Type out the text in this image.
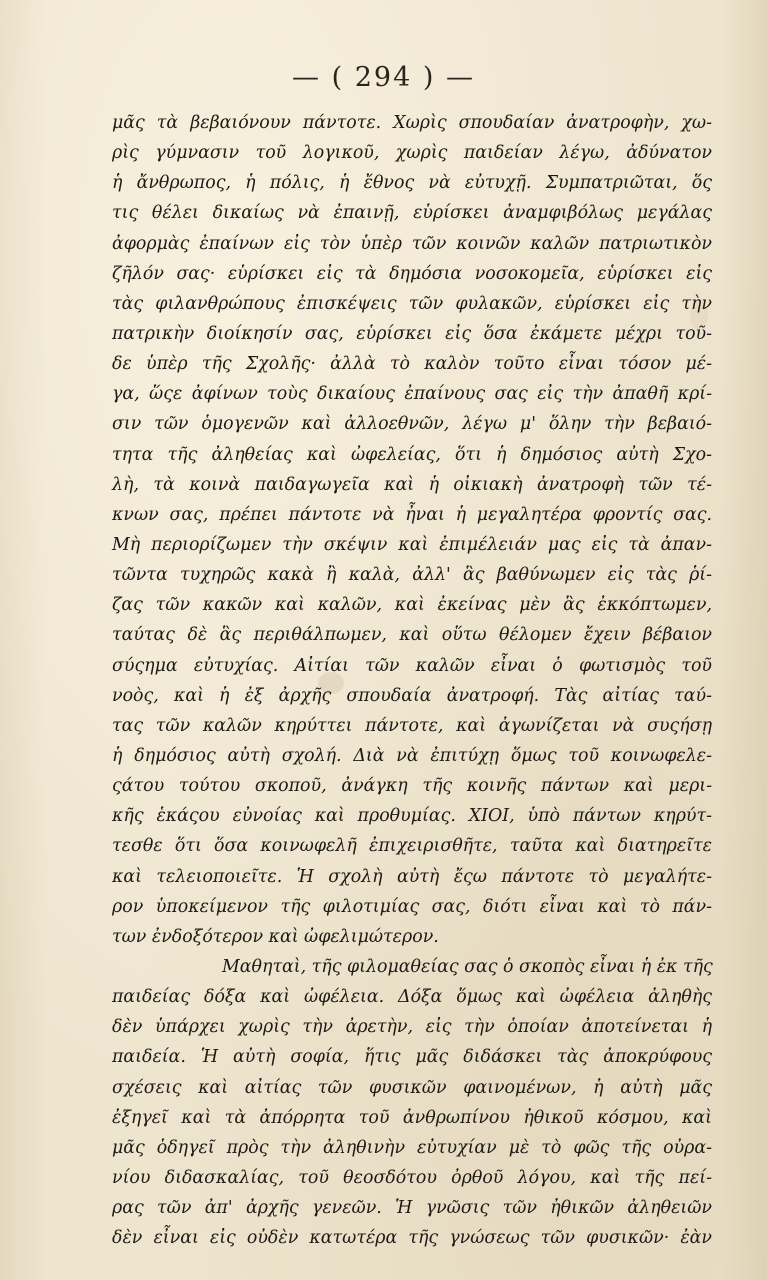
— ( 294 ) —
μᾶς τὰ βεβαιόνουν πάντοτε. Χωρὶς σπουδαίαν ἀνατροφὴν, χω-
ρὶς γύμνασιν τοῦ λογικοῦ, χωρὶς παιδείαν λέγω, ἀδύνατον
ἡ ἄνθρωπος, ἡ πόλις, ἡ ἔθνος νὰ εὐτυχῇ. Συμπατριῶται, ὅς
τις θέλει δικαίως νὰ ἐπαινῇ, εὑρίσκει ἀναμφιβόλως μεγάλας
ἀφορμὰς ἐπαίνων εἰς τὸν ὑπὲρ τῶν κοινῶν καλῶν πατριωτικὸν
ζῆλόν σας· εὑρίσκει εἰς τὰ δημόσια νοσοκομεῖα, εὑρίσκει εἰς
τὰς φιλανθρώπους ἐπισκέψεις τῶν φυλακῶν, εὑρίσκει εἰς τὴν
πατρικὴν διοίκησίν σας, εὑρίσκει εἰς ὅσα ἐκάμετε μέχρι τοῦ-
δε ὑπὲρ τῆς Σχολῆς· ἀλλὰ τὸ καλὸν τοῦτο εἶναι τόσον μέ-
γα, ὥςε ἀφίνων τοὺς δικαίους ἐπαίνους σας εἰς τὴν ἀπαθῆ κρί-
σιν τῶν ὁμογενῶν καὶ ἀλλοεθνῶν, λέγω μ' ὅλην τὴν βεβαιό-
τητα τῆς ἀληθείας καὶ ὠφελείας, ὅτι ἡ δημόσιος αὐτὴ Σχο-
λὴ, τὰ κοινὰ παιδαγωγεῖα καὶ ἡ οἰκιακὴ ἀνατροφὴ τῶν τέ-
κνων σας, πρέπει πάντοτε νὰ ἦναι ἡ μεγαλητέρα φροντίς σας.
Μὴ περιορίζωμεν τὴν σκέψιν καὶ ἐπιμέλειάν μας εἰς τὰ ἀπαν-
τῶντα τυχηρῶς κακὰ ἢ καλὰ, ἀλλ' ἃς βαθύνωμεν εἰς τὰς ῥί-
ζας τῶν κακῶν καὶ καλῶν, καὶ ἐκείνας μὲν ἃς ἐκκόπτωμεν,
ταύτας δὲ ἃς περιθάλπωμεν, καὶ οὕτω θέλομεν ἔχειν βέβαιον
σύςημα εὐτυχίας. Αἰτίαι τῶν καλῶν εἶναι ὁ φωτισμὸς τοῦ
νοὸς, καὶ ἡ ἐξ ἀρχῆς σπουδαία ἀνατροφή. Τὰς αἰτίας ταύ-
τας τῶν καλῶν κηρύττει πάντοτε, καὶ ἀγωνίζεται νὰ συςήσῃ
ἡ δημόσιος αὐτὴ σχολή. Διὰ νὰ ἐπιτύχῃ ὅμως τοῦ κοινωφελε-
ςάτου τούτου σκοποῦ, ἀνάγκη τῆς κοινῆς πάντων καὶ μερι-
κῆς ἑκάςου εὐνοίας καὶ προθυμίας. ΧΙΟΙ, ὑπὸ πάντων κηρύτ-
τεσθε ὅτι ὅσα κοινωφελῆ ἐπιχειρισθῆτε, ταῦτα καὶ διατηρεῖτε
καὶ τελειοποιεῖτε. Ἡ σχολὴ αὐτὴ ἔςω πάντοτε τὸ μεγαλήτε-
ρον ὑποκείμενον τῆς φιλοτιμίας σας, διότι εἶναι καὶ τὸ πάν-
των ἐνδοξότερον καὶ ὠφελιμώτερον.
Μαθηταὶ, τῆς φιλομαθείας σας ὁ σκοπὸς εἶναι ἡ ἐκ τῆς
παιδείας δόξα καὶ ὠφέλεια. Δόξα ὅμως καὶ ὠφέλεια ἀληθὴς
δὲν ὑπάρχει χωρὶς τὴν ἀρετὴν, εἰς τὴν ὁποίαν ἀποτείνεται ἡ
παιδεία. Ἡ αὐτὴ σοφία, ἥτις μᾶς διδάσκει τὰς ἀποκρύφους
σχέσεις καὶ αἰτίας τῶν φυσικῶν φαινομένων, ἡ αὐτὴ μᾶς
ἐξηγεῖ καὶ τὰ ἀπόρρητα τοῦ ἀνθρωπίνου ἠθικοῦ κόσμου, καὶ
μᾶς ὁδηγεῖ πρὸς τὴν ἀληθινὴν εὐτυχίαν μὲ τὸ φῶς τῆς οὐρα-
νίου διδασκαλίας, τοῦ θεοσδότου ὀρθοῦ λόγου, καὶ τῆς πεί-
ρας τῶν ἀπ' ἀρχῆς γενεῶν. Ἡ γνῶσις τῶν ἠθικῶν ἀληθειῶν
δὲν εἶναι εἰς οὐδὲν κατωτέρα τῆς γνώσεως τῶν φυσικῶν· ἐὰν
